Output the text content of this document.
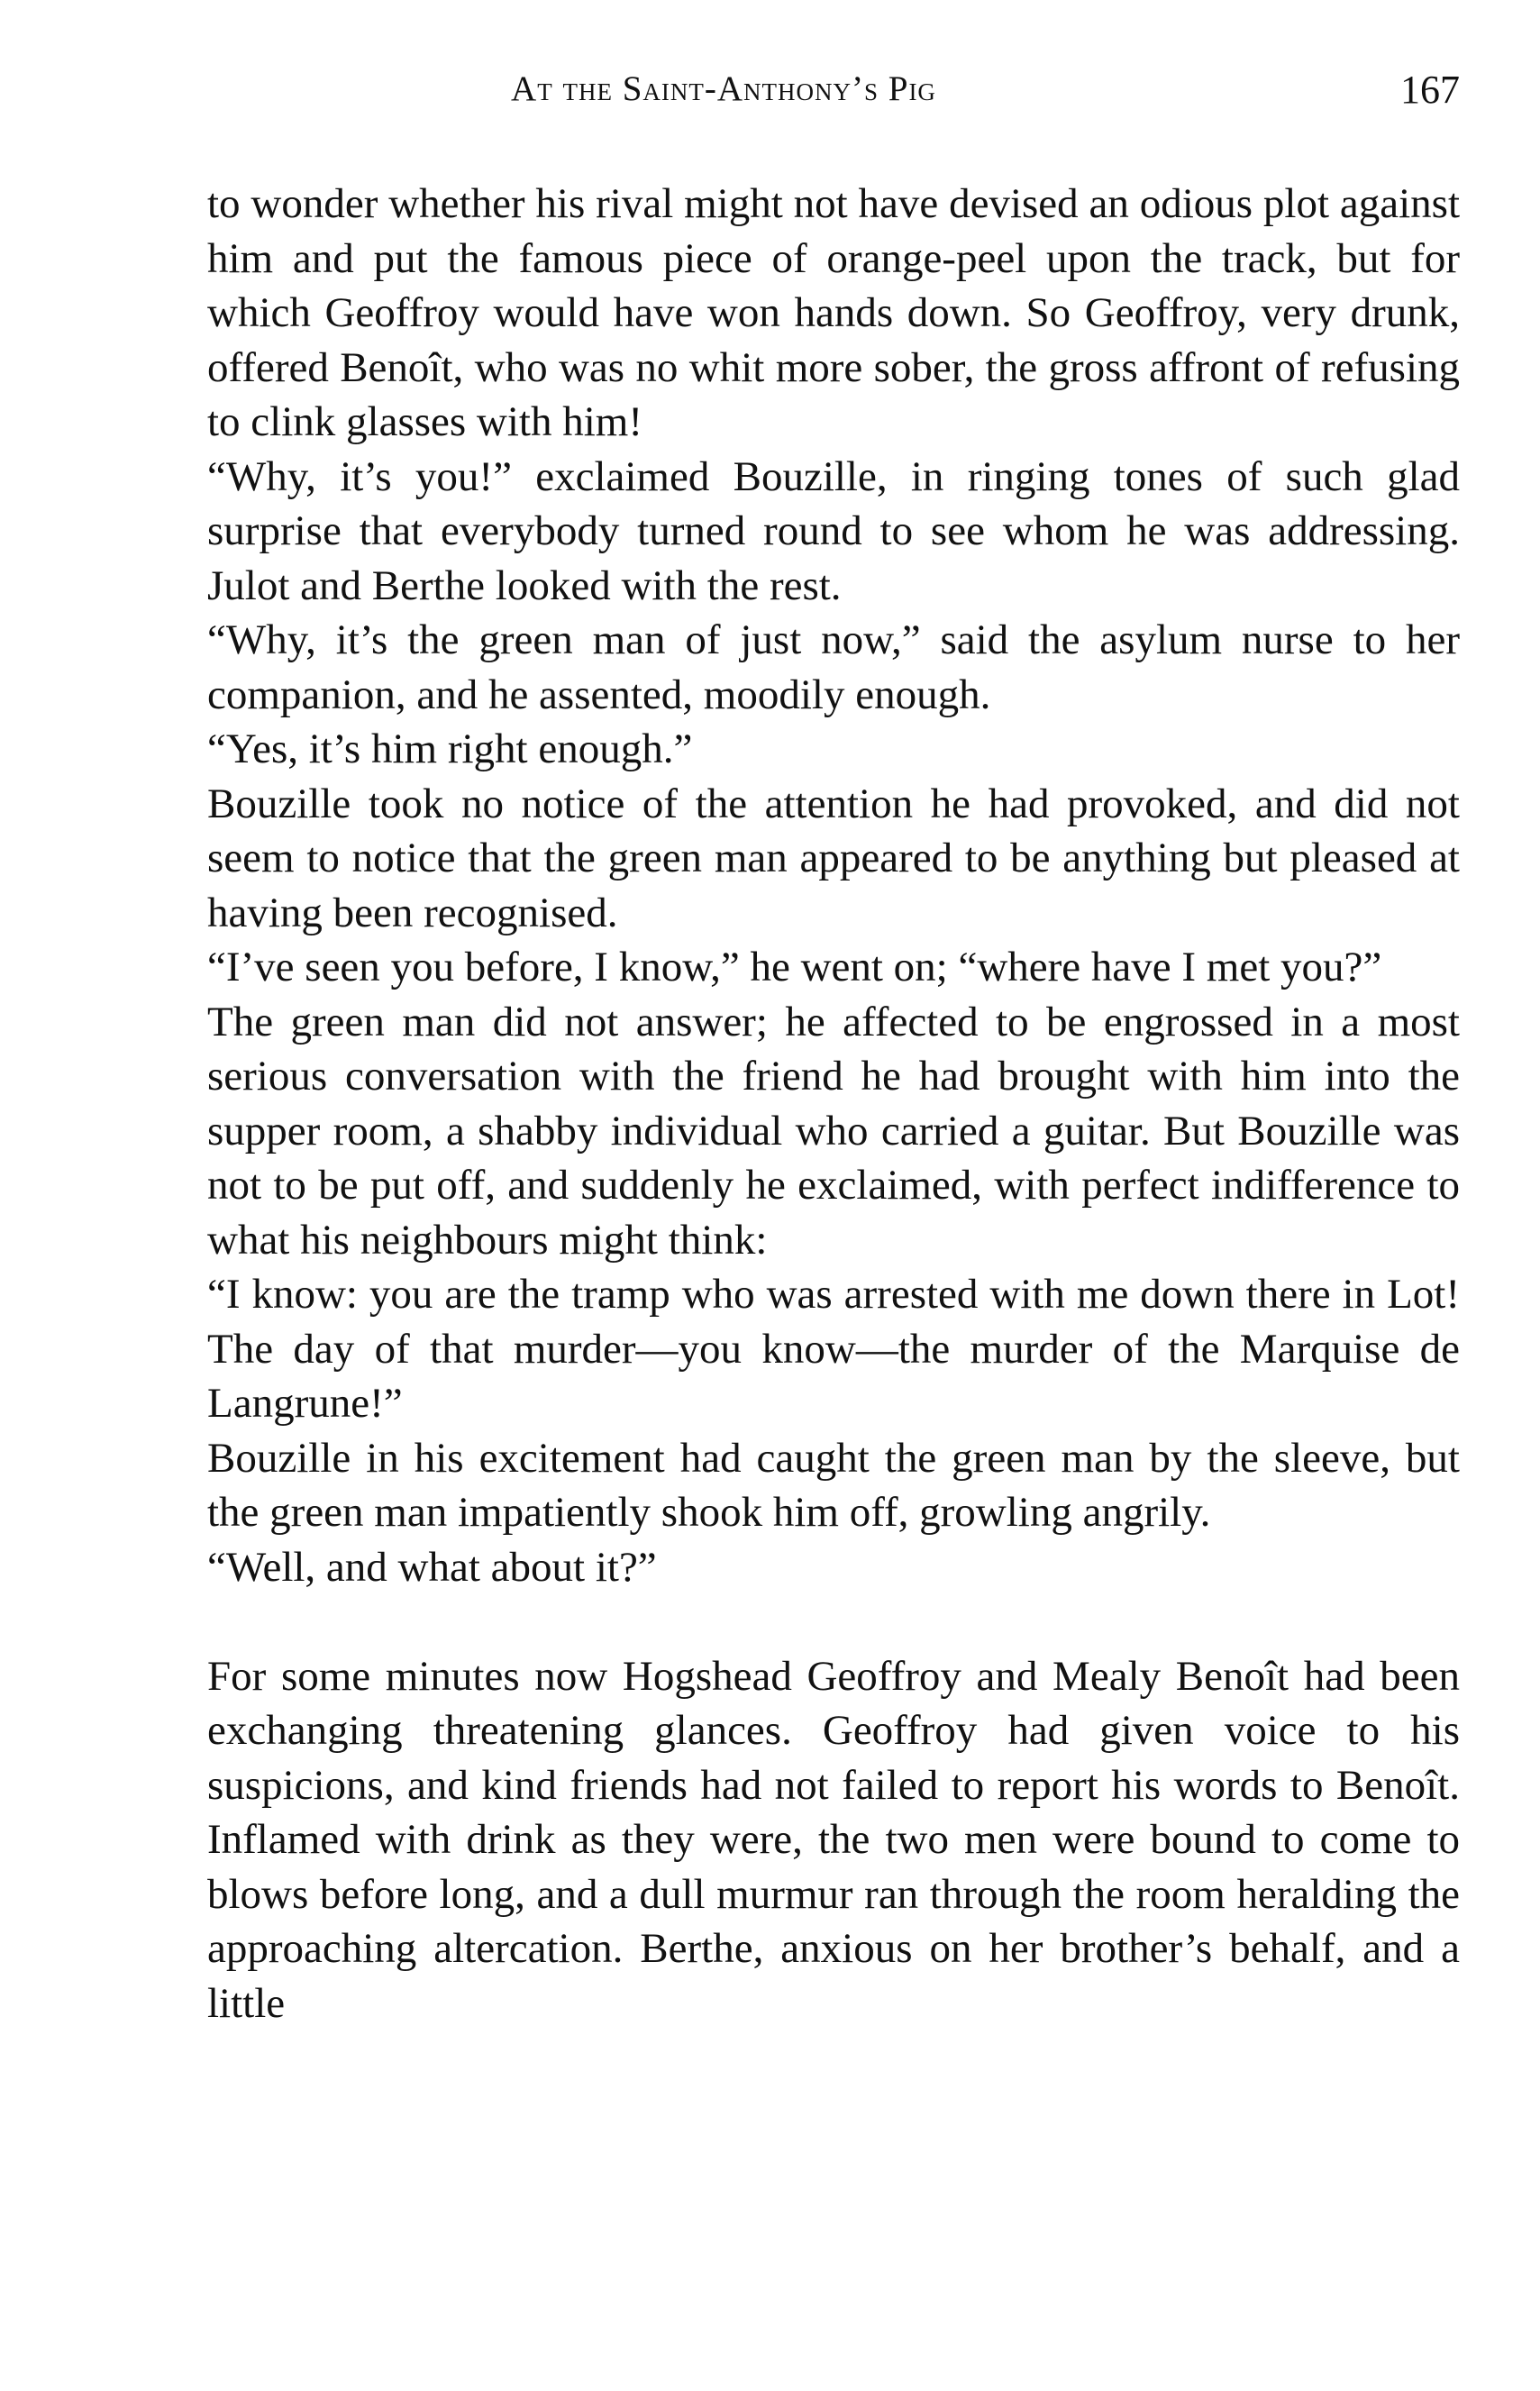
At the Saint-Anthony’s Pig	167

to wonder whether his rival might not have devised an odious plot against him and put the famous piece of orange-peel upon the track, but for which Geoffroy would have won hands down. So Geoffroy, very drunk, offered Benoît, who was no whit more sober, the gross affront of refusing to clink glasses with him!

“Why, it’s you!” exclaimed Bouzille, in ringing tones of such glad surprise that everybody turned round to see whom he was addressing. Julot and Berthe looked with the rest.

“Why, it’s the green man of just now,” said the asylum nurse to her companion, and he assented, moodily enough.

“Yes, it’s him right enough.”

Bouzille took no notice of the attention he had provoked, and did not seem to notice that the green man appeared to be anything but pleased at having been recognised.

“I’ve seen you before, I know,” he went on; “where have I met you?”

The green man did not answer; he affected to be engrossed in a most serious conversation with the friend he had brought with him into the supper room, a shabby individual who carried a guitar. But Bouzille was not to be put off, and suddenly he exclaimed, with perfect indifference to what his neighbours might think:

“I know: you are the tramp who was arrested with me down there in Lot! The day of that murder—you know—the murder of the Marquise de Langrune!”

Bouzille in his excitement had caught the green man by the sleeve, but the green man impatiently shook him off, growling angrily.

“Well, and what about it?”

For some minutes now Hogshead Geoffroy and Mealy Benoît had been exchanging threatening glances. Geoffroy had given voice to his suspicions, and kind friends had not failed to report his words to Benoît. Inflamed with drink as they were, the two men were bound to come to blows before long, and a dull murmur ran through the room heralding the approaching altercation. Berthe, anxious on her brother’s behalf, and a little
